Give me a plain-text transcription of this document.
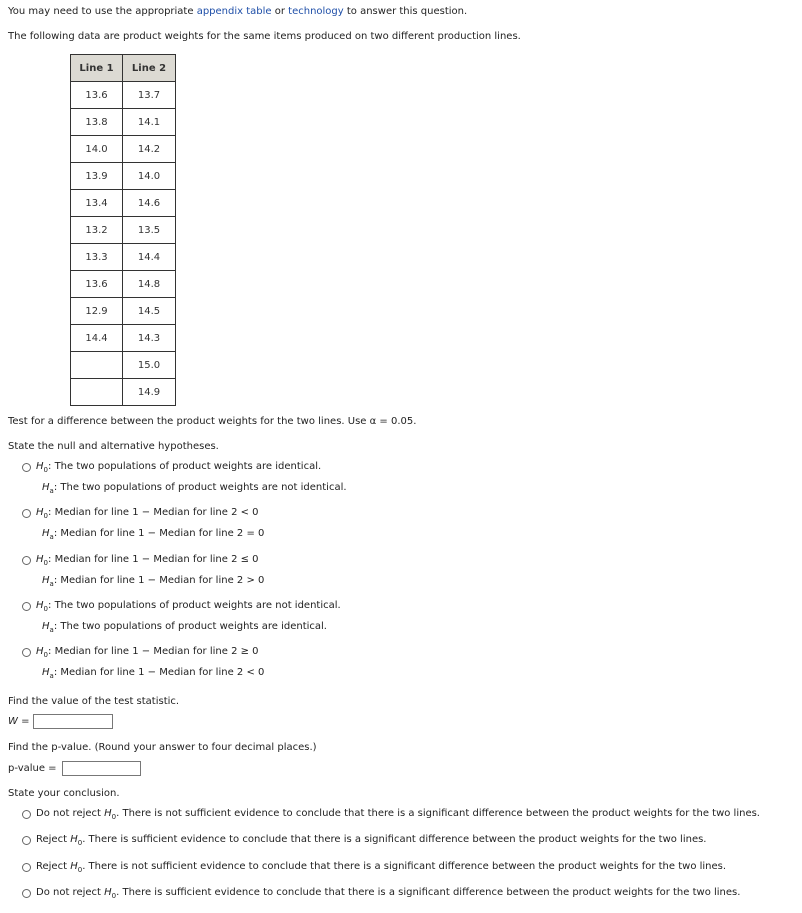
You may need to use the appropriate appendix table or technology to answer this question.
The following data are product weights for the same items produced on two different production lines.
Line 1	Line 2
13.6	13.7
13.8	14.1
14.0	14.2
13.9	14.0
13.4	14.6
13.2	13.5
13.3	14.4
13.6	14.8
12.9	14.5
14.4	14.3
	15.0
	14.9
Test for a difference between the product weights for the two lines. Use α = 0.05.
State the null and alternative hypotheses.
$H_0$: The two populations of product weights are identical.
$H_a$: The two populations of product weights are not identical.
$H_0$: Median for line 1 − Median for line 2 < 0
$H_a$: Median for line 1 − Median for line 2 = 0
$H_0$: Median for line 1 − Median for line 2 ≤ 0
$H_a$: Median for line 1 − Median for line 2 > 0
$H_0$: The two populations of product weights are not identical.
$H_a$: The two populations of product weights are identical.
$H_0$: Median for line 1 − Median for line 2 ≥ 0
$H_a$: Median for line 1 − Median for line 2 < 0
Find the value of the test statistic.
W =
Find the p-value. (Round your answer to four decimal places.)
p-value =
State your conclusion.
Do not reject $H_0$. There is not sufficient evidence to conclude that there is a significant difference between the product weights for the two lines.
Reject $H_0$. There is sufficient evidence to conclude that there is a significant difference between the product weights for the two lines.
Reject $H_0$. There is not sufficient evidence to conclude that there is a significant difference between the product weights for the two lines.
Do not reject $H_0$. There is sufficient evidence to conclude that there is a significant difference between the product weights for the two lines.
